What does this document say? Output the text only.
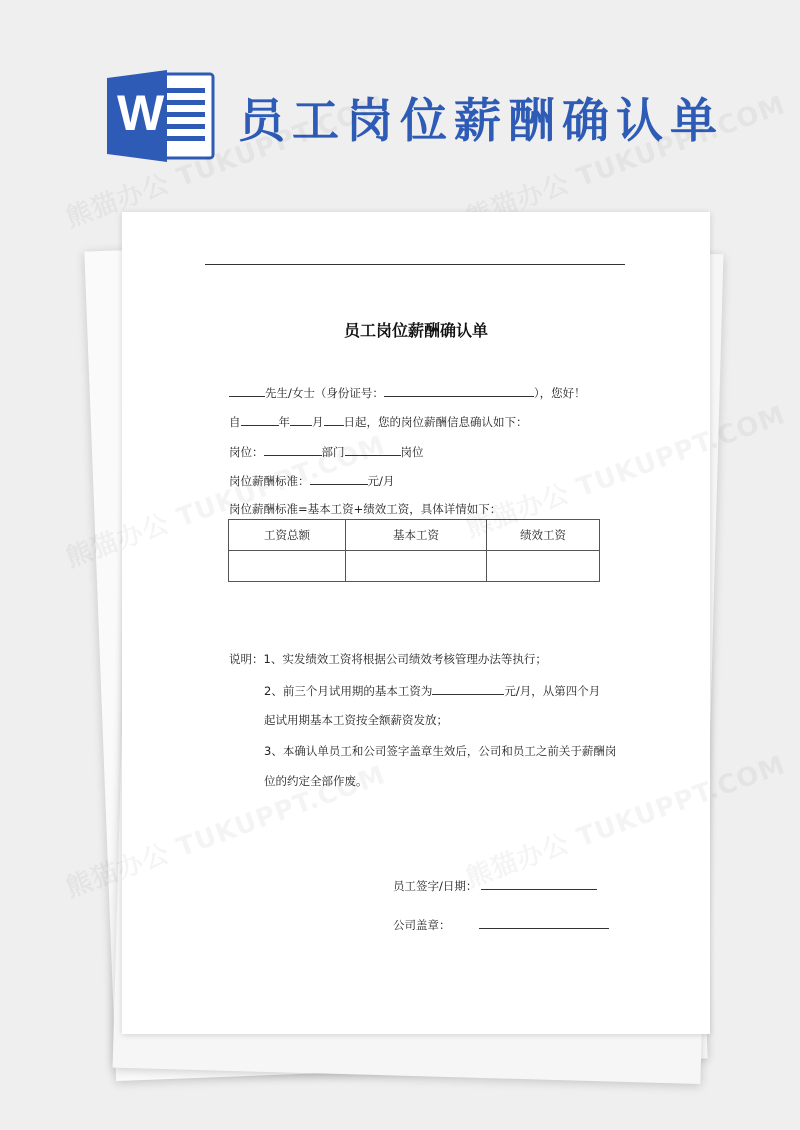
W 员工岗位薪酬确认单
员工岗位薪酬确认单
先生/女士（身份证号：	），您好！
自	年 月 日起，您的岗位薪酬信息确认如下：
岗位：	部门	岗位
岗位薪酬标准：	元/月
岗位薪酬标准=基本工资+绩效工资，具体详情如下：
工资总额	基本工资	绩效工资

说明：1、实发绩效工资将根据公司绩效考核管理办法等执行；
2、前三个月试用期的基本工资为	元/月，从第四个月
起试用期基本工资按全额薪资发放；
3、本确认单员工和公司签字盖章生效后，公司和员工之前关于薪酬岗
位的约定全部作废。
员工签字/日期：
公司盖章：
